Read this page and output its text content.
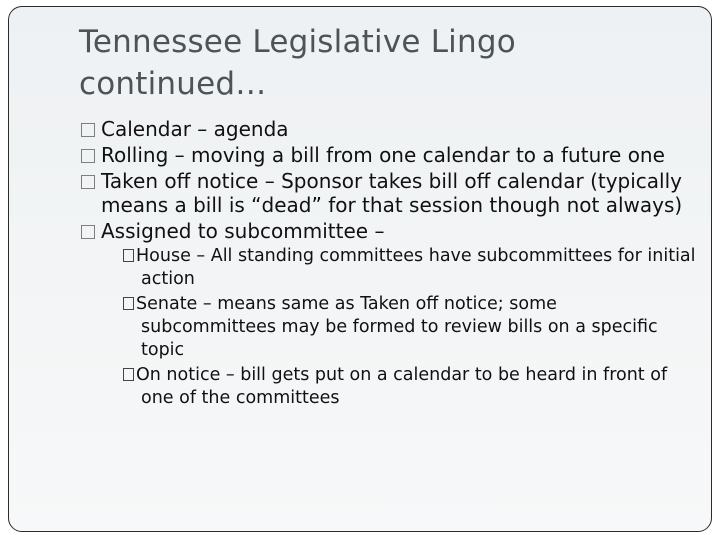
Tennessee Legislative Lingo
continued…
Calendar – agenda
Rolling – moving a bill from one calendar to a future one
Taken off notice – Sponsor takes bill off calendar (typically means a bill is “dead” for that session though not always)
Assigned to subcommittee –
House – All standing committees have subcommittees for initial action
Senate – means same as Taken off notice; some subcommittees may be formed to review bills on a specific topic
On notice – bill gets put on a calendar to be heard in front of one of the committees
